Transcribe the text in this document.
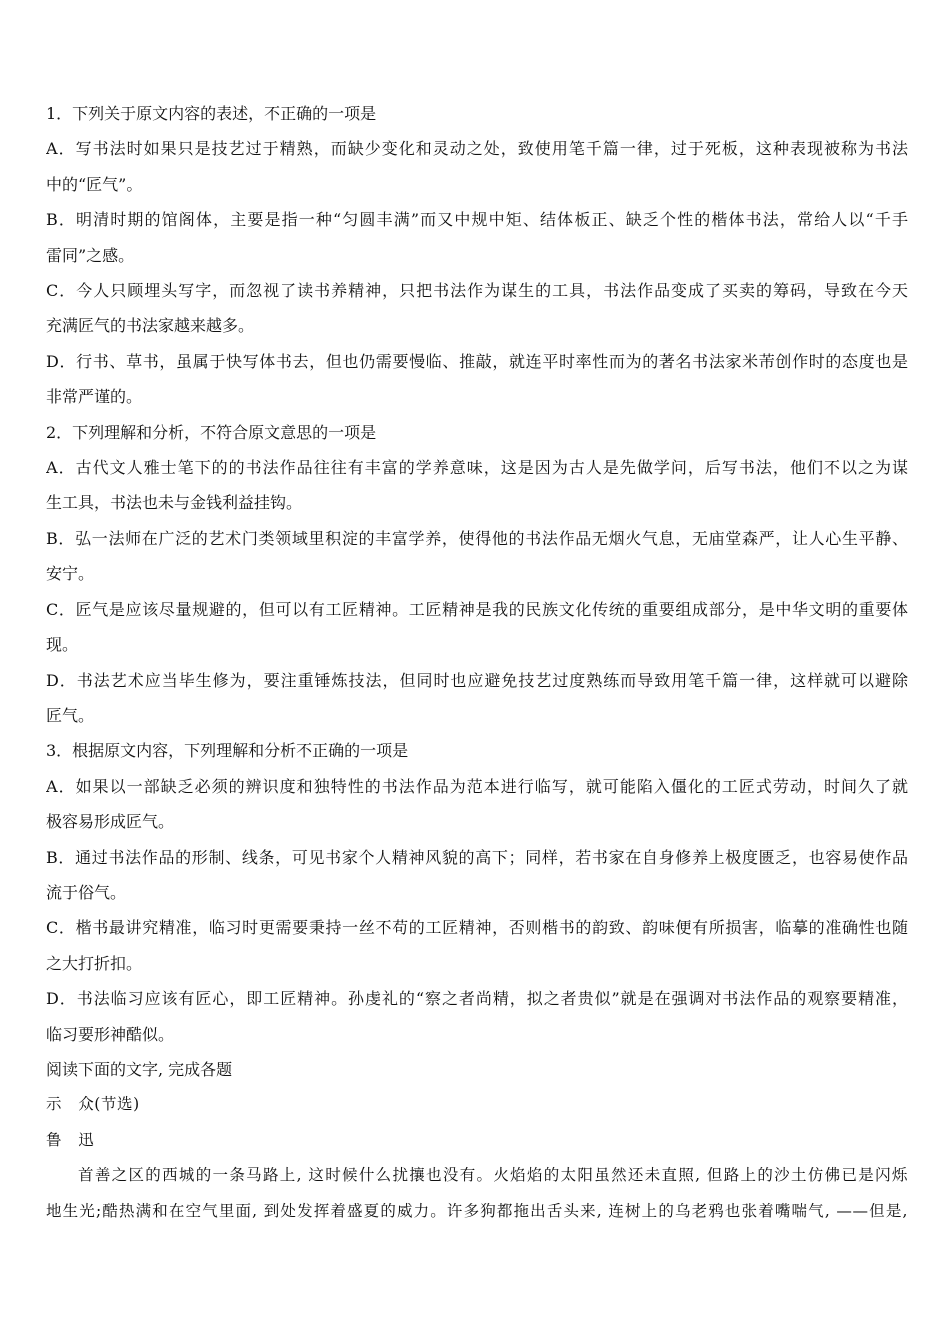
1．下列关于原文内容的表述，不正确的一项是
A．写书法时如果只是技艺过于精熟，而缺少变化和灵动之处，致使用笔千篇一律，过于死板，这种表现被称为书法
中的“匠气”。
B．明清时期的馆阁体，主要是指一种“匀圆丰满”而又中规中矩、结体板正、缺乏个性的楷体书法，常给人以“千手
雷同”之感。
C．今人只顾埋头写字，而忽视了读书养精神，只把书法作为谋生的工具，书法作品变成了买卖的筹码，导致在今天
充满匠气的书法家越来越多。
D．行书、草书，虽属于快写体书去，但也仍需要慢临、推敲，就连平时率性而为的著名书法家米芾创作时的态度也是
非常严谨的。
2．下列理解和分析，不符合原文意思的一项是
A．古代文人雅士笔下的的书法作品往往有丰富的学养意味，这是因为古人是先做学问，后写书法，他们不以之为谋
生工具，书法也未与金钱利益挂钩。
B．弘一法师在广泛的艺术门类领域里积淀的丰富学养，使得他的书法作品无烟火气息，无庙堂森严，让人心生平静、
安宁。
C．匠气是应该尽量规避的，但可以有工匠精神。工匠精神是我的民族文化传统的重要组成部分，是中华文明的重要体
现。
D．书法艺术应当毕生修为，要注重锤炼技法，但同时也应避免技艺过度熟练而导致用笔千篇一律，这样就可以避除
匠气。
3．根据原文内容，下列理解和分析不正确的一项是
A．如果以一部缺乏必须的辨识度和独特性的书法作品为范本进行临写，就可能陷入僵化的工匠式劳动，时间久了就
极容易形成匠气。
B．通过书法作品的形制、线条，可见书家个人精神风貌的高下；同样，若书家在自身修养上极度匮乏，也容易使作品
流于俗气。
C．楷书最讲究精准，临习时更需要秉持一丝不苟的工匠精神，否则楷书的韵致、韵味便有所损害，临摹的准确性也随
之大打折扣。
D．书法临习应该有匠心，即工匠精神。孙虔礼的“察之者尚精，拟之者贵似”就是在强调对书法作品的观察要精准，
临习要形神酷似。
阅读下面的文字, 完成各题
示　众(节选)
鲁　迅
首善之区的西城的一条马路上, 这时候什么扰攘也没有。火焰焰的太阳虽然还未直照, 但路上的沙土仿佛已是闪烁
地生光;酷热满和在空气里面, 到处发挥着盛夏的威力。许多狗都拖出舌头来, 连树上的乌老鸦也张着嘴喘气, ——但是,
